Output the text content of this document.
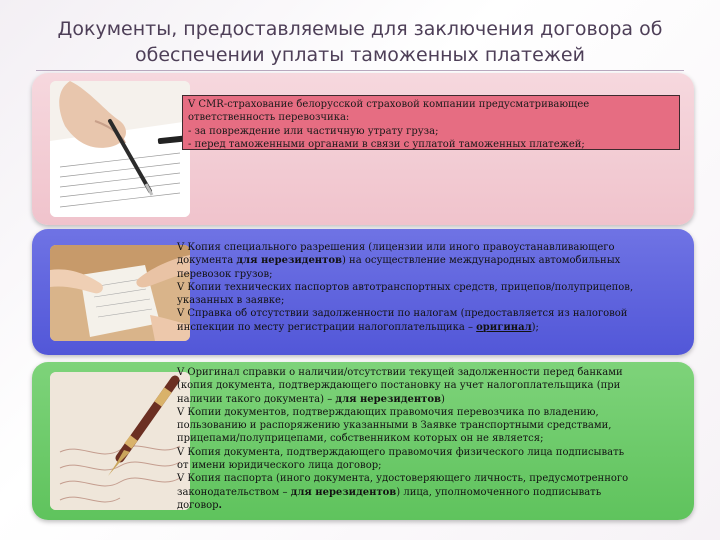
Документы, предоставляемые для заключения договора об
обеспечении уплаты таможенных платежей
V CMR-страхование белорусской страховой компании предусматривающее
ответственность перевозчика:
- за повреждение или частичную утрату груза;
- перед таможенными органами в связи с уплатой таможенных платежей;
V Копия специального разрешения (лицензии или иного правоустанавливающего
документа для нерезидентов) на осуществление международных автомобильных
перевозок грузов;
V Копии технических паспортов автотранспортных средств, прицепов/полуприцепов,
указанных в заявке;
V Справка об отсутствии задолженности по налогам (предоставляется из налоговой
инспекции по месту регистрации налогоплательщика – оригинал);
V Оригинал справки о наличии/отсутствии текущей задолженности перед банками
(копия документа, подтверждающего постановку на учет налогоплательщика (при
наличии такого документа) – для нерезидентов)
V Копии документов, подтверждающих правомочия перевозчика по владению,
пользованию и распоряжению указанными в Заявке транспортными средствами,
прицепами/полуприцепами, собственником которых он не является;
V Копия документа, подтверждающего правомочия физического лица подписывать
от имени юридического лица договор;
V Копия паспорта (иного документа, удостоверяющего личность, предусмотренного
законодательством – для нерезидентов) лица, уполномоченного подписывать
договор.
